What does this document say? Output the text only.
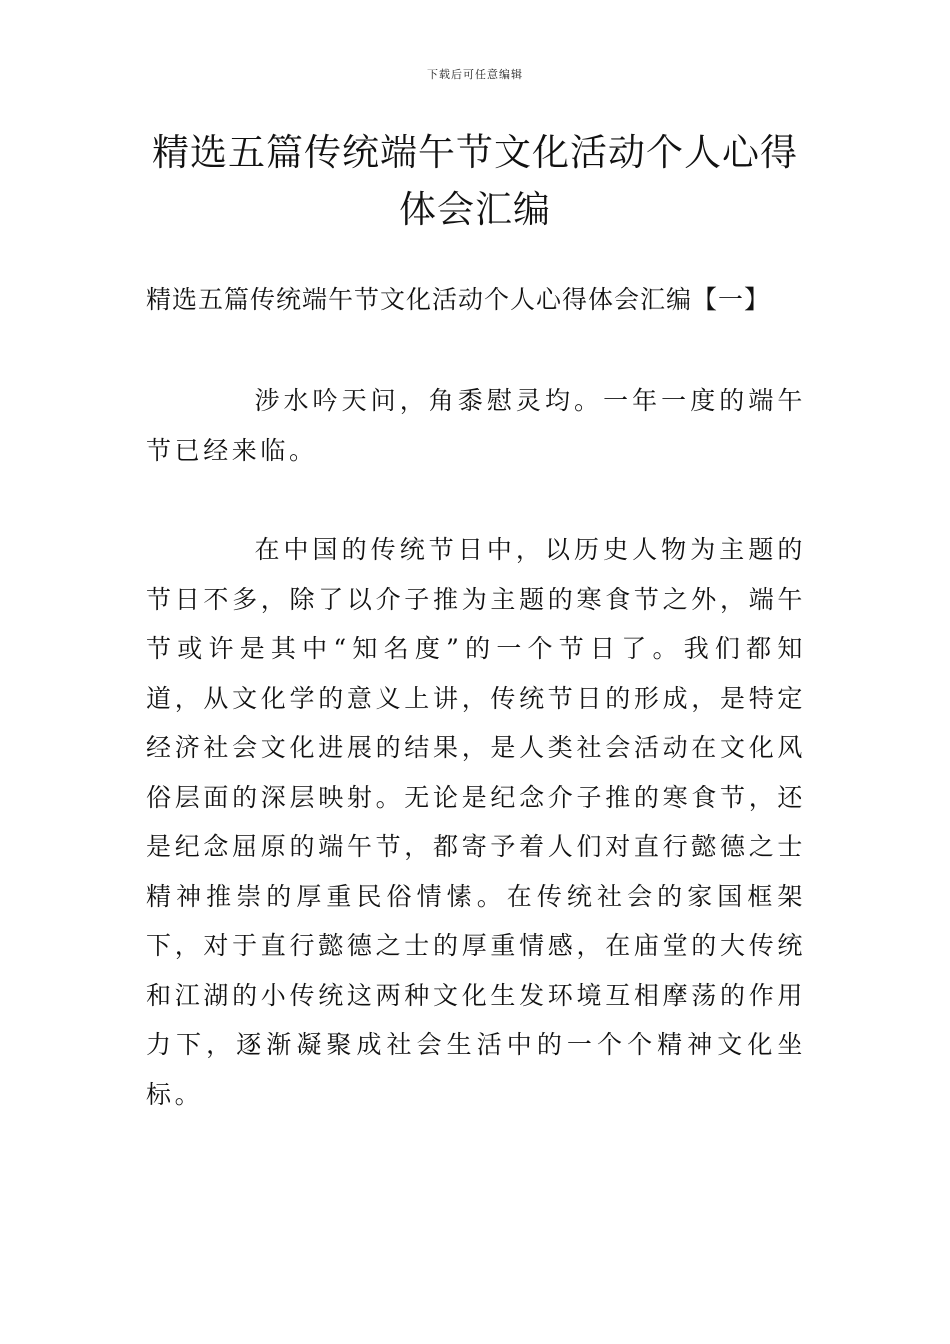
下载后可任意编辑
精选五篇传统端午节文化活动个人心得体会汇编
精选五篇传统端午节文化活动个人心得体会汇编【一】

涉水吟天问，角黍慰灵均。一年一度的端午节已经来临。

在中国的传统节日中，以历史人物为主题的节日不多，除了以介子推为主题的寒食节之外，端午节或许是其中“知名度”的一个节日了。我们都知道，从文化学的意义上讲，传统节日的形成，是特定经济社会文化进展的结果，是人类社会活动在文化风俗层面的深层映射。无论是纪念介子推的寒食节，还是纪念屈原的端午节，都寄予着人们对直行懿德之士精神推崇的厚重民俗情愫。在传统社会的家国框架下，对于直行懿德之士的厚重情感，在庙堂的大传统和江湖的小传统这两种文化生发环境互相摩荡的作用力下，逐渐凝聚成社会生活中的一个个精神文化坐标。
